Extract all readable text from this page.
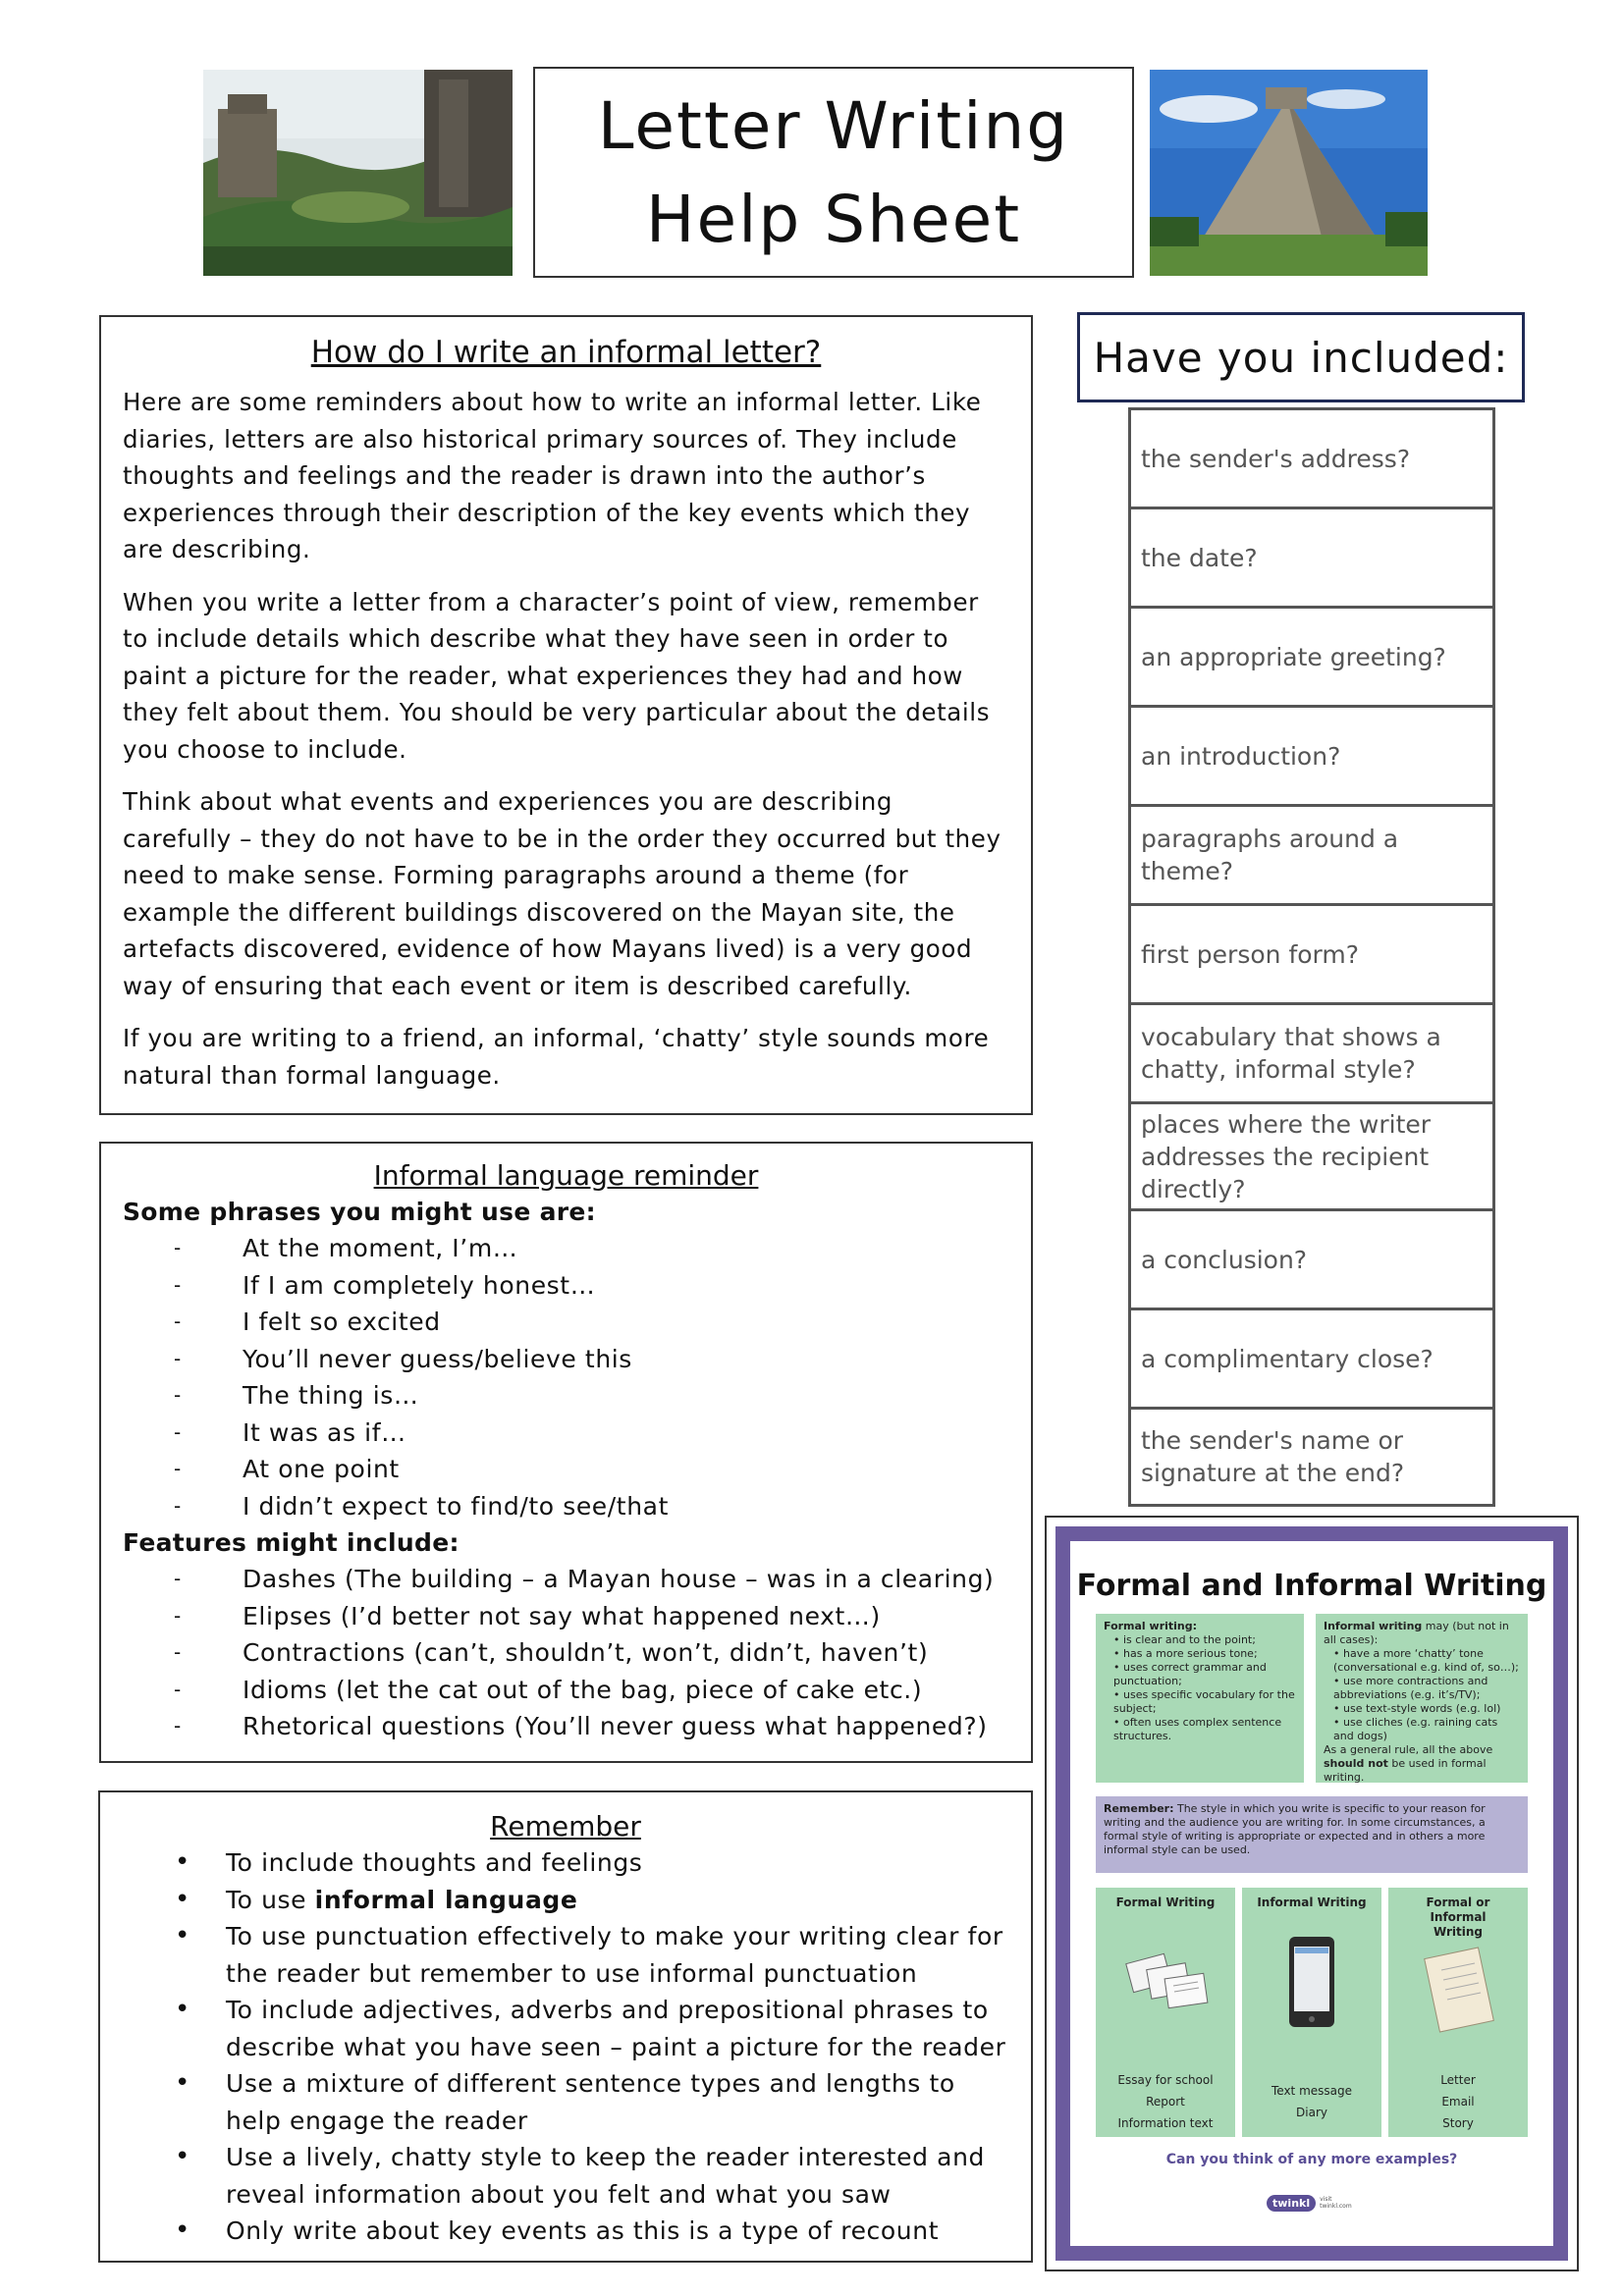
Letter Writing
Help Sheet
How do I write an informal letter?

Here are some reminders about how to write an informal letter. Like diaries, letters are also historical primary sources of. They include thoughts and feelings and the reader is drawn into the author’s experiences through their description of the key events which they are describing.

When you write a letter from a character’s point of view, remember to include details which describe what they have seen in order to paint a picture for the reader, what experiences they had and how they felt about them. You should be very particular about the details you choose to include.

Think about what events and experiences you are describing carefully – they do not have to be in the order they occurred but they need to make sense. Forming paragraphs around a theme (for example the different buildings discovered on the Mayan site, the artefacts discovered, evidence of how Mayans lived) is a very good way of ensuring that each event or item is described carefully.

If you are writing to a friend, an informal, ‘chatty’ style sounds more natural than formal language.

Informal language reminder
Some phrases you might use are:
- At the moment, I’m…
- If I am completely honest…
- I felt so excited
- You’ll never guess/believe this
- The thing is…
- It was as if…
- At one point
- I didn’t expect to find/to see/that
Features might include:
- Dashes (The building – a Mayan house – was in a clearing)
- Elipses (I’d better not say what happened next…)
- Contractions (can’t, shouldn’t, won’t, didn’t, haven’t)
- Idioms (let the cat out of the bag, piece of cake etc.)
- Rhetorical questions (You’ll never guess what happened?)
Remember
• To include thoughts and feelings
• To use informal language
• To use punctuation effectively to make your writing clear for the reader but remember to use informal punctuation
• To include adjectives, adverbs and prepositional phrases to describe what you have seen – paint a picture for the reader
• Use a mixture of different sentence types and lengths to help engage the reader
• Use a lively, chatty style to keep the reader interested and reveal information about you felt and what you saw
• Only write about key events as this is a type of recount
Have you included:
the sender's address?
the date?
an appropriate greeting?
an introduction?
paragraphs around a theme?
first person form?
vocabulary that shows a chatty, informal style?
places where the writer addresses the recipient directly?
a conclusion?
a complimentary close?
the sender's name or signature at the end?
Formal and Informal Writing
Formal writing:
• is clear and to the point;
• has a more serious tone;
• uses correct grammar and punctuation;
• uses specific vocabulary for the subject;
• often uses complex sentence structures.
Informal writing may (but not in all cases):
• have a more ‘chatty’ tone (conversational e.g. kind of, so…);
• use more contractions and abbreviations (e.g. it’s/TV);
• use text-style words (e.g. lol)
• use cliches (e.g. raining cats and dogs)
As a general rule, all the above should not be used in formal writing.
Remember: The style in which you write is specific to your reason for writing and the audience you are writing for. In some circumstances, a formal style of writing is appropriate or expected and in others a more informal style can be used.
Formal Writing
Essay for school
Report
Information text
Informal Writing
Text message
Diary
Formal or Informal Writing
Letter
Email
Story
Can you think of any more examples?
twinkl	visit twinkl.com
